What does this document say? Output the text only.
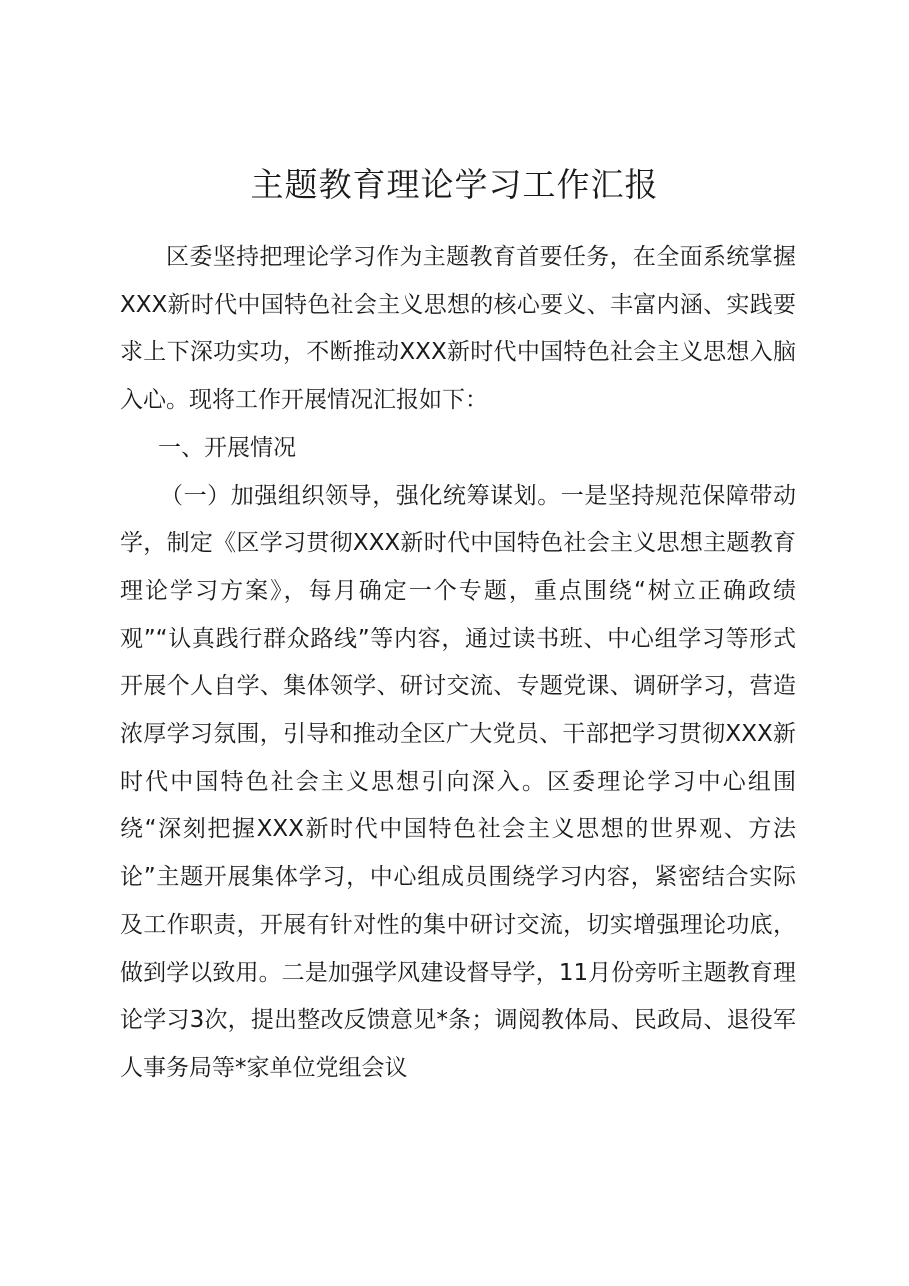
主题教育理论学习工作汇报

区委坚持把理论学习作为主题教育首要任务，在全面系统掌握XXX新时代中国特色社会主义思想的核心要义、丰富内涵、实践要求上下深功实功，不断推动XXX新时代中国特色社会主义思想入脑入心。现将工作开展情况汇报如下：

一、开展情况

（一）加强组织领导，强化统筹谋划。一是坚持规范保障带动学，制定《区学习贯彻XXX新时代中国特色社会主义思想主题教育理论学习方案》，每月确定一个专题，重点围绕“树立正确政绩观”“认真践行群众路线”等内容，通过读书班、中心组学习等形式开展个人自学、集体领学、研讨交流、专题党课、调研学习，营造浓厚学习氛围，引导和推动全区广大党员、干部把学习贯彻XXX新时代中国特色社会主义思想引向深入。区委理论学习中心组围绕“深刻把握XXX新时代中国特色社会主义思想的世界观、方法论”主题开展集体学习，中心组成员围绕学习内容，紧密结合实际及工作职责，开展有针对性的集中研讨交流，切实增强理论功底，做到学以致用。二是加强学风建设督导学，11月份旁听主题教育理论学习3次，提出整改反馈意见*条；调阅教体局、民政局、退役军人事务局等*家单位党组会议
